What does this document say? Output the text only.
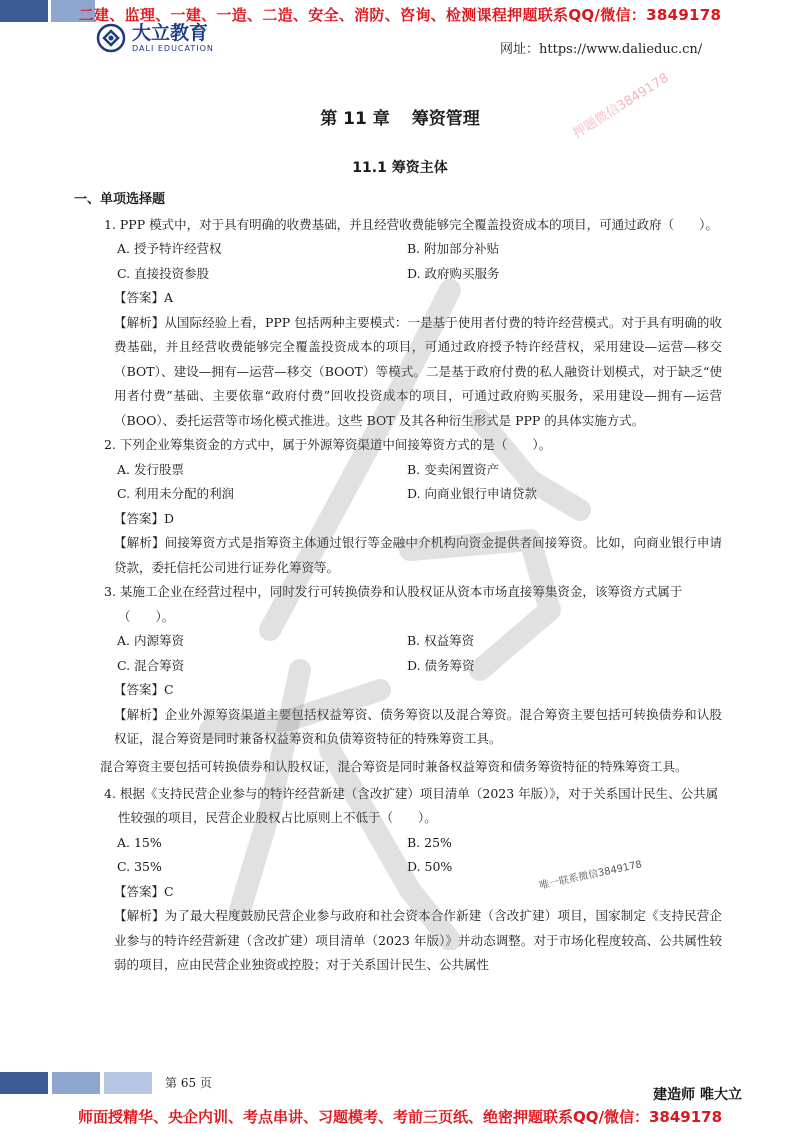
二建、监理、一建、一造、二造、安全、消防、咨询、检测课程押题联系QQ/微信：3849178
大立教育
DALI EDUCATION	网址：https://www.dalieduc.cn/
押题微信3849178
第 11 章 筹资管理
11.1 筹资主体
一、单项选择题
1. PPP 模式中，对于具有明确的收费基础，并且经营收费能够完全覆盖投资成本的项目，可通过政府（　　）。
A. 授予特许经营权	B. 附加部分补贴
C. 直接投资参股	D. 政府购买服务
【答案】A
【解析】从国际经验上看，PPP 包括两种主要模式：一是基于使用者付费的特许经营模式。对于具有明确的收费基础，并且经营收费能够完全覆盖投资成本的项目，可通过政府授予特许经营权，采用建设—运营—移交（BOT）、建设—拥有—运营—移交（BOOT）等模式。二是基于政府付费的私人融资计划模式，对于缺乏“使用者付费”基础、主要依靠“政府付费”回收投资成本的项目，可通过政府购买服务，采用建设—拥有—运营（BOO）、委托运营等市场化模式推进。这些 BOT 及其各种衍生形式是 PPP 的具体实施方式。
2. 下列企业筹集资金的方式中，属于外源筹资渠道中间接筹资方式的是（　　）。
A. 发行股票	B. 变卖闲置资产
C. 利用未分配的利润	D. 向商业银行申请贷款
【答案】D
【解析】间接筹资方式是指筹资主体通过银行等金融中介机构向资金提供者间接筹资。比如，向商业银行申请贷款，委托信托公司进行证券化筹资等。
3. 某施工企业在经营过程中，同时发行可转换债券和认股权证从资本市场直接筹集资金，该筹资方式属于（　　）。
A. 内源筹资	B. 权益筹资
C. 混合筹资	D. 债务筹资
【答案】C
【解析】企业外源筹资渠道主要包括权益筹资、债务筹资以及混合筹资。混合筹资主要包括可转换债券和认股权证，混合筹资是同时兼备权益筹资和负债筹资特征的特殊筹资工具。
混合筹资主要包括可转换债券和认股权证，混合筹资是同时兼备权益筹资和债务筹资特征的特殊筹资工具。
4. 根据《支持民营企业参与的特许经营新建（含改扩建）项目清单（2023 年版）》，对于关系国计民生、公共属性较强的项目，民营企业股权占比原则上不低于（　　）。
A. 15%	B. 25%
C. 35%	D. 50%
【答案】C
【解析】为了最大程度鼓励民营企业参与政府和社会资本合作新建（含改扩建）项目，国家制定《支持民营企业参与的特许经营新建（含改扩建）项目清单（2023 年版）》并动态调整。对于市场化程度较高、公共属性较弱的项目，应由民营企业独资或控股；对于关系国计民生、公共属性
唯一联系微信3849178
第 65 页
建造师 唯大立
师面授精华、央企内训、考点串讲、习题模考、考前三页纸、绝密押题联系QQ/微信：3849178
